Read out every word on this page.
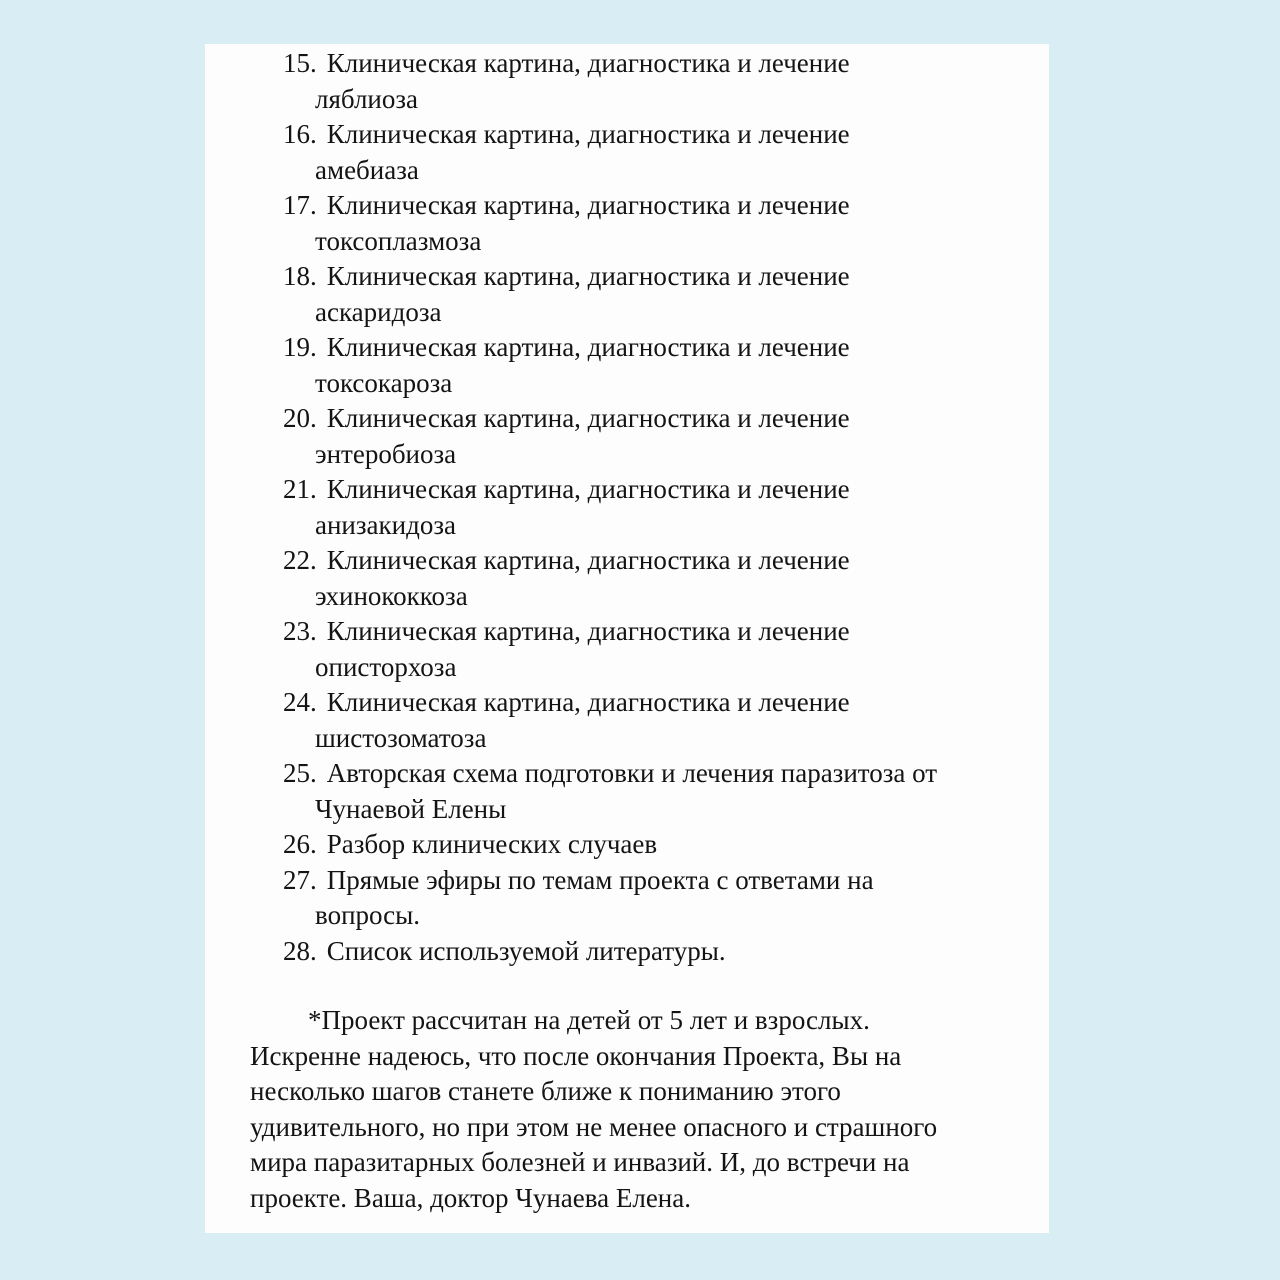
15. Клиническая картина, диагностика и лечение
ляблиоза
16. Клиническая картина, диагностика и лечение
амебиаза
17. Клиническая картина, диагностика и лечение
токсоплазмоза
18. Клиническая картина, диагностика и лечение
аскаридоза
19. Клиническая картина, диагностика и лечение
токсокароза
20. Клиническая картина, диагностика и лечение
энтеробиоза
21. Клиническая картина, диагностика и лечение
анизакидоза
22. Клиническая картина, диагностика и лечение
эхинококкоза
23. Клиническая картина, диагностика и лечение
описторхоза
24. Клиническая картина, диагностика и лечение
шистозоматоза
25. Авторская схема подготовки и лечения паразитоза от
Чунаевой Елены
26. Разбор клинических случаев
27. Прямые эфиры по темам проекта с ответами на
вопросы.
28. Список используемой литературы.
*Проект рассчитан на детей от 5 лет и взрослых.
Искренне надеюсь, что после окончания Проекта, Вы на
несколько шагов станете ближе к пониманию этого
удивительного, но при этом не менее опасного и страшного
мира паразитарных болезней и инвазий. И, до встречи на
проекте. Ваша, доктор Чунаева Елена.
